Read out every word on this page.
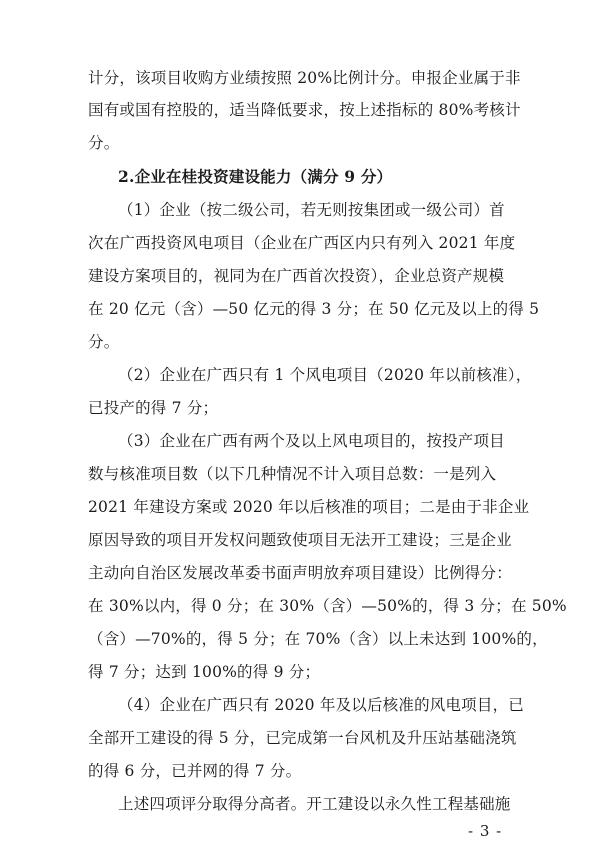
计分，该项目收购方业绩按照 20%比例计分。申报企业属于非
国有或国有控股的，适当降低要求，按上述指标的 80%考核计
分。
2.企业在桂投资建设能力（满分 9 分）
（1）企业（按二级公司，若无则按集团或一级公司）首
次在广西投资风电项目（企业在广西区内只有列入 2021 年度
建设方案项目的，视同为在广西首次投资），企业总资产规模
在 20 亿元（含）—50 亿元的得 3 分；在 50 亿元及以上的得 5
分。
（2）企业在广西只有 1 个风电项目（2020 年以前核准），
已投产的得 7 分；
（3）企业在广西有两个及以上风电项目的，按投产项目
数与核准项目数（以下几种情况不计入项目总数：一是列入
2021 年建设方案或 2020 年以后核准的项目；二是由于非企业
原因导致的项目开发权问题致使项目无法开工建设；三是企业
主动向自治区发展改革委书面声明放弃项目建设）比例得分：
在 30%以内，得 0 分；在 30%（含）—50%的，得 3 分；在 50%
（含）—70%的，得 5 分；在 70%（含）以上未达到 100%的，
得 7 分；达到 100%的得 9 分；
（4）企业在广西只有 2020 年及以后核准的风电项目，已
全部开工建设的得 5 分，已完成第一台风机及升压站基础浇筑
的得 6 分，已并网的得 7 分。
上述四项评分取得分高者。开工建设以永久性工程基础施
- 3 -
